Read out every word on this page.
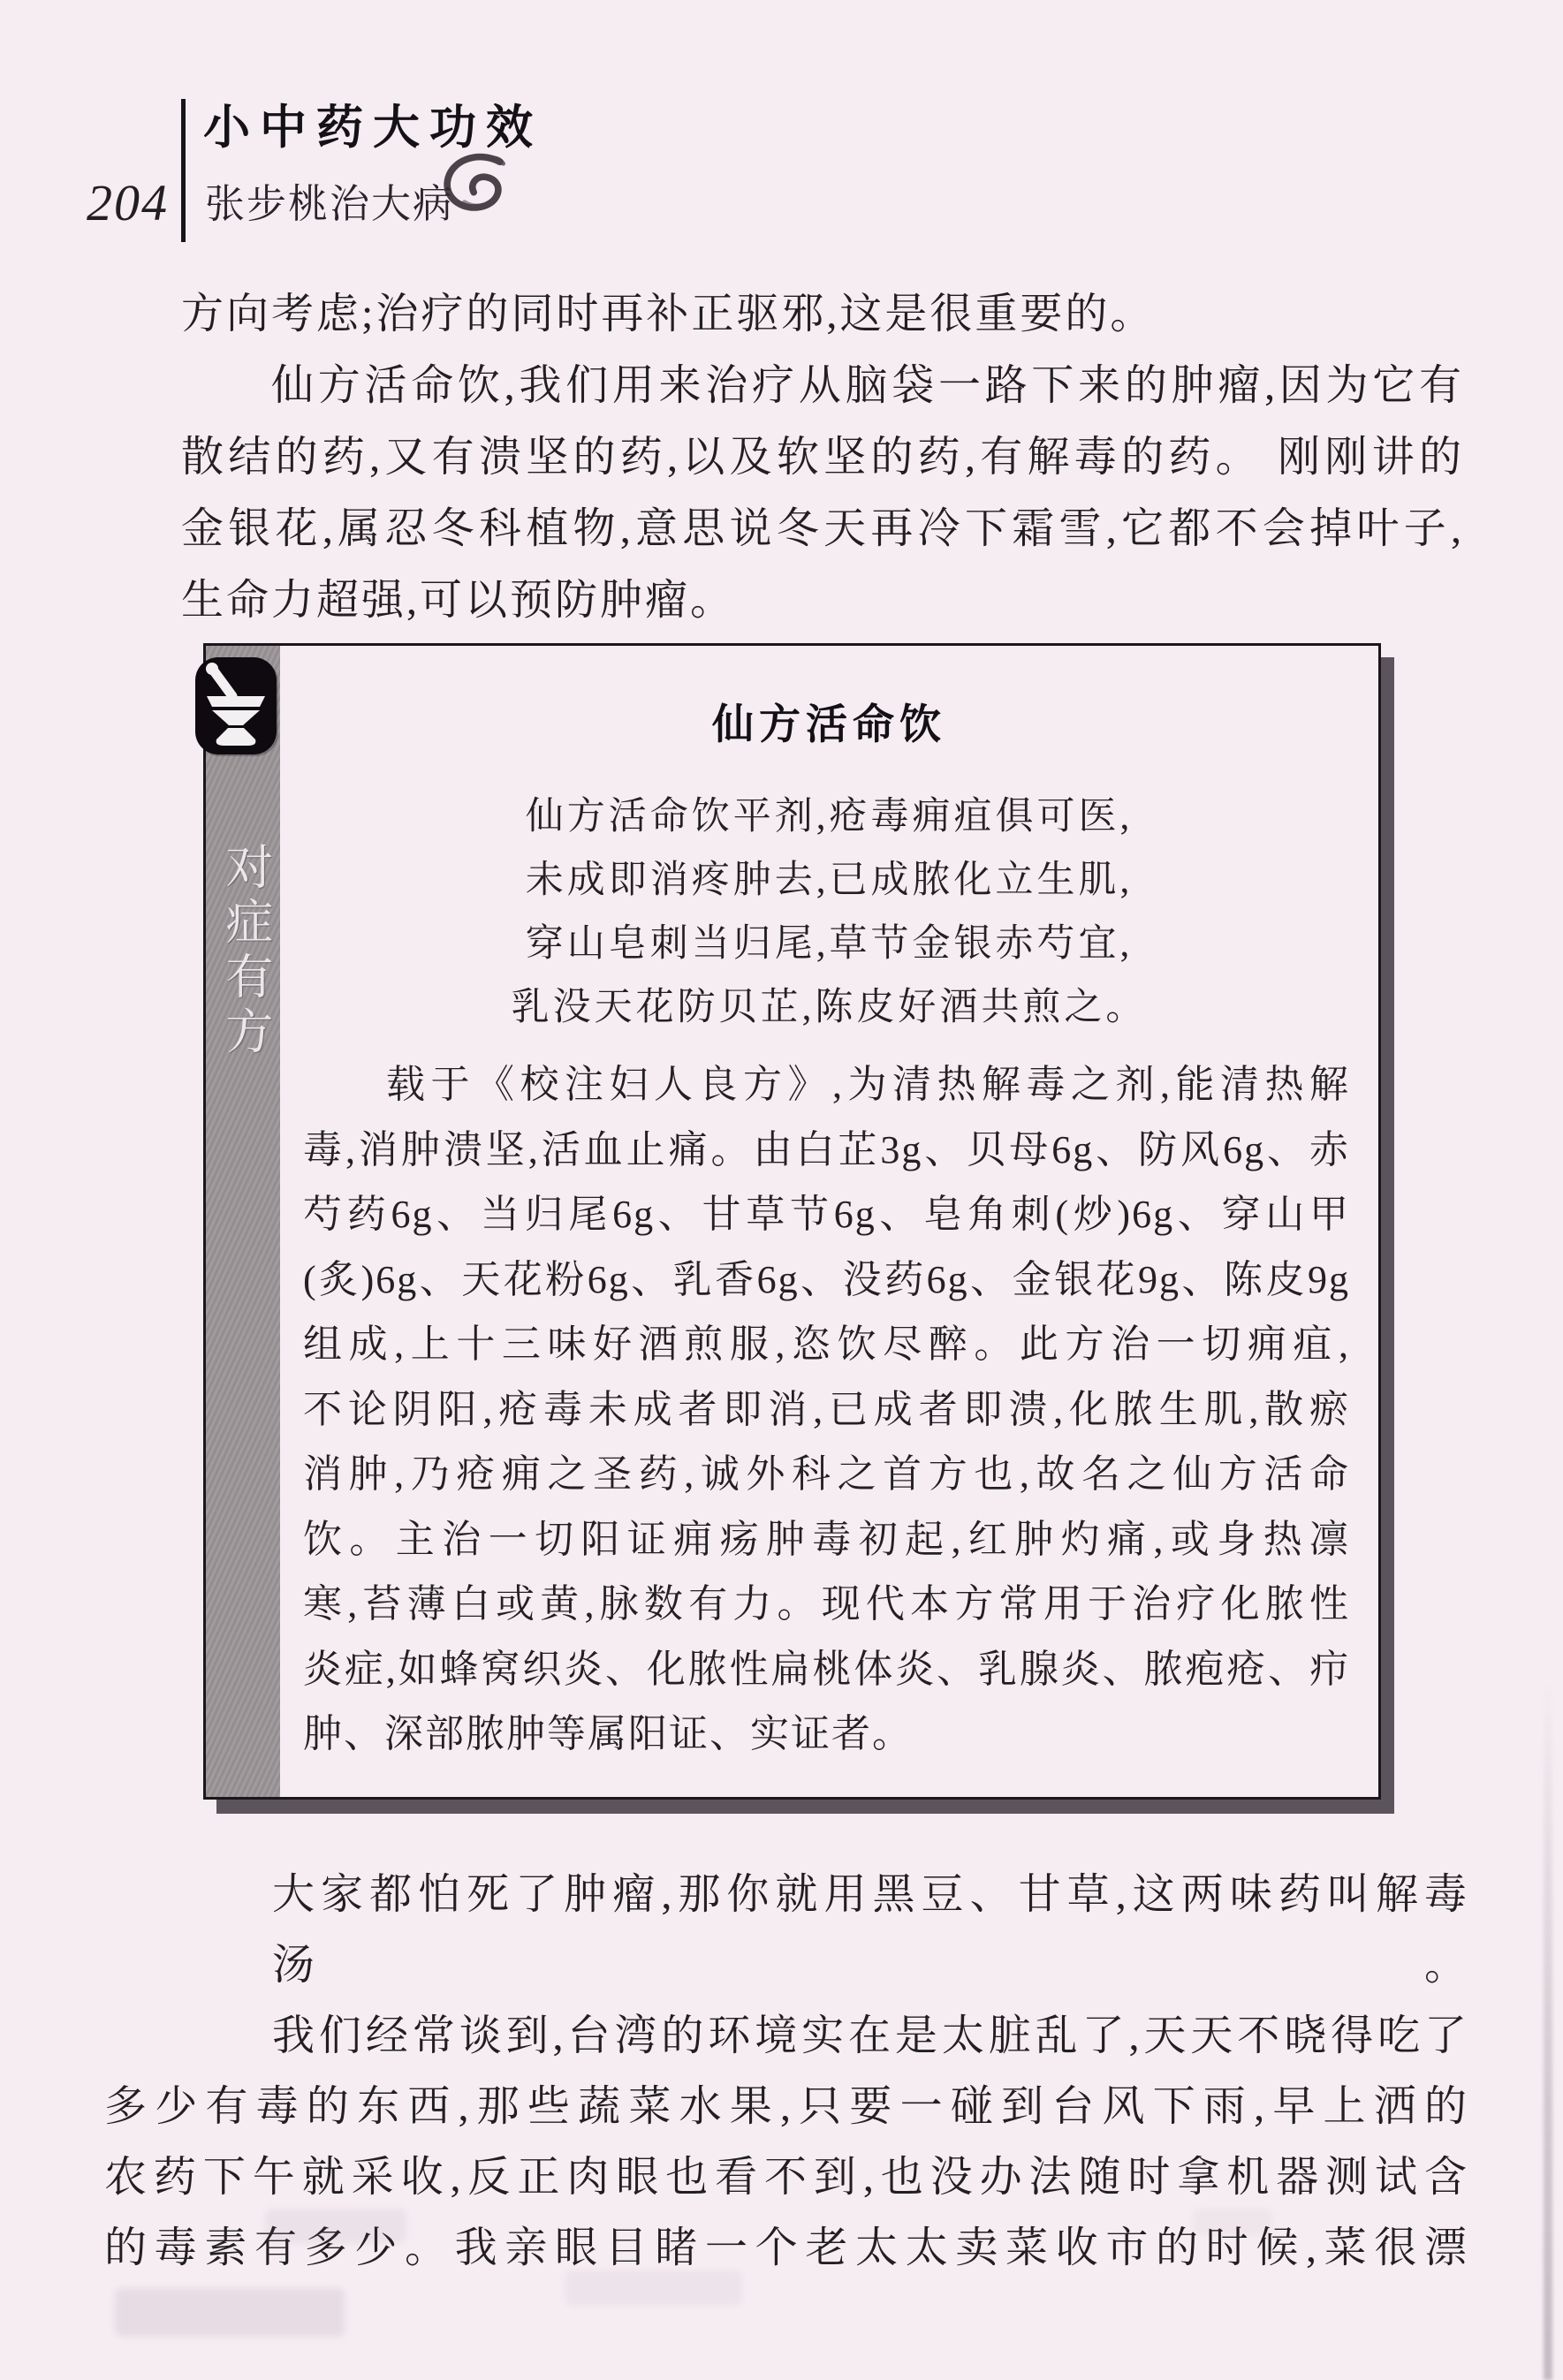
204
小中药大功效
张步桃治大病
方向考虑;治疗的同时再补正驱邪,这是很重要的。
仙方活命饮,我们用来治疗从脑袋一路下来的肿瘤,因为它有
散结的药,又有溃坚的药,以及软坚的药,有解毒的药。 刚刚讲的
金银花,属忍冬科植物,意思说冬天再冷下霜雪,它都不会掉叶子,
生命力超强,可以预防肿瘤。
对症有方
仙方活命饮
仙方活命饮平剂,疮毒痈疽俱可医,
未成即消疼肿去,已成脓化立生肌,
穿山皂刺当归尾,草节金银赤芍宜,
乳没天花防贝芷,陈皮好酒共煎之。
载于《校注妇人良方》,为清热解毒之剂,能清热解
毒,消肿溃坚,活血止痛。由白芷3g、贝母6g、防风6g、赤
芍药6g、当归尾6g、甘草节6g、皂角刺(炒)6g、穿山甲
(炙)6g、天花粉6g、乳香6g、没药6g、金银花9g、陈皮9g
组成,上十三味好酒煎服,恣饮尽醉。此方治一切痈疽,
不论阴阳,疮毒未成者即消,已成者即溃,化脓生肌,散瘀
消肿,乃疮痈之圣药,诚外科之首方也,故名之仙方活命
饮。主治一切阳证痈疡肿毒初起,红肿灼痛,或身热凛
寒,苔薄白或黄,脉数有力。现代本方常用于治疗化脓性
炎症,如蜂窝织炎、化脓性扁桃体炎、乳腺炎、脓疱疮、疖
肿、深部脓肿等属阳证、实证者。
大家都怕死了肿瘤,那你就用黑豆、甘草,这两味药叫解毒汤。
我们经常谈到,台湾的环境实在是太脏乱了,天天不晓得吃了
多少有毒的东西,那些蔬菜水果,只要一碰到台风下雨,早上洒的
农药下午就采收,反正肉眼也看不到,也没办法随时拿机器测试含
的毒素有多少。我亲眼目睹一个老太太卖菜收市的时候,菜很漂
